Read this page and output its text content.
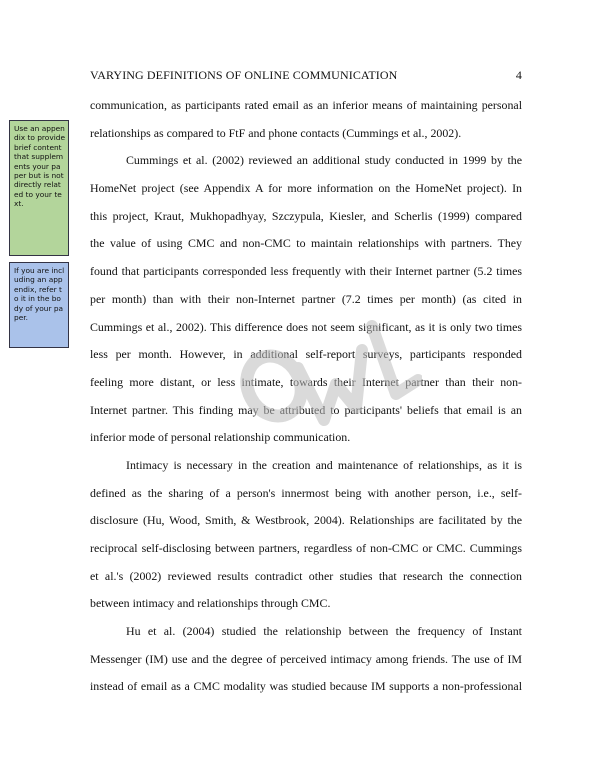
VARYING DEFINITIONS OF ONLINE COMMUNICATION	4
Use an appendix to provide brief content that supplements your paper but is not directly related to your text.
If you are including an appendix, refer to it in the body of your paper.
communication, as participants rated email as an inferior means of maintaining personal
relationships as compared to FtF and phone contacts (Cummings et al., 2002).
Cummings et al. (2002) reviewed an additional study conducted in 1999 by the
HomeNet project (see Appendix A for more information on the HomeNet project). In
this project, Kraut, Mukhopadhyay, Szczypula, Kiesler, and Scherlis (1999) compared
the value of using CMC and non-CMC to maintain relationships with partners. They
found that participants corresponded less frequently with their Internet partner (5.2 times
per month) than with their non-Internet partner (7.2 times per month) (as cited in
Cummings et al., 2002). This difference does not seem significant, as it is only two times
less per month. However, in additional self-report surveys, participants responded
feeling more distant, or less intimate, towards their Internet partner than their non-
Internet partner. This finding may be attributed to participants' beliefs that email is an
inferior mode of personal relationship communication.
Intimacy is necessary in the creation and maintenance of relationships, as it is
defined as the sharing of a person's innermost being with another person, i.e., self-
disclosure (Hu, Wood, Smith, & Westbrook, 2004). Relationships are facilitated by the
reciprocal self-disclosing between partners, regardless of non-CMC or CMC. Cummings
et al.'s (2002) reviewed results contradict other studies that research the connection
between intimacy and relationships through CMC.
Hu et al. (2004) studied the relationship between the frequency of Instant
Messenger (IM) use and the degree of perceived intimacy among friends. The use of IM
instead of email as a CMC modality was studied because IM supports a non-professional
